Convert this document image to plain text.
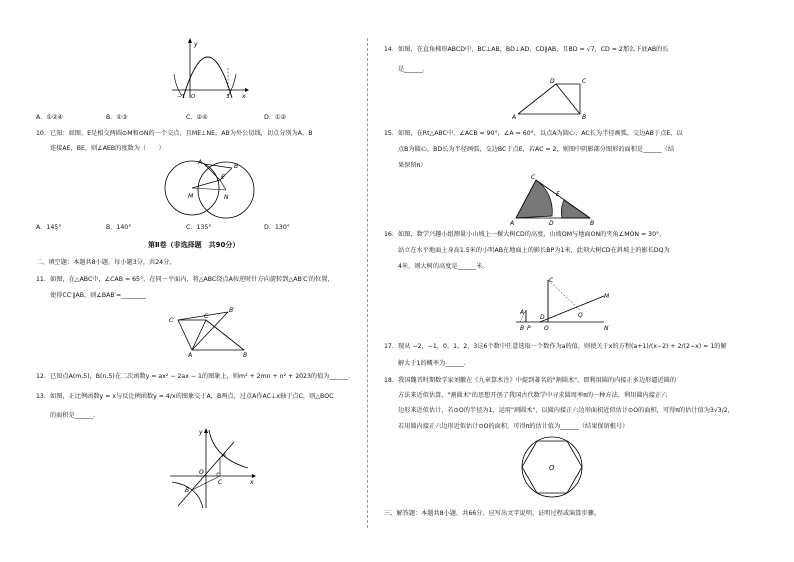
y
O
−1	3 x
A．①②④	B．①③	C．②④	D．①②
10．已知：如图，E是相交两圆⊙M和⊙N的一个交点，且ME⊥NE，AB为外公切线，切点分别为A，B
连接AE，BE，则∠AEB的度数为（　　）
A
B
E
M	N
A．145°	B．140°	C．135°	D．130°
第Ⅱ卷（非选择题　共90分）
二、填空题：本题共8小题，每小题3分，共24分。
11．如图，在△ABC中，∠CAB = 65°，在同一平面内，将△ABC绕点A按逆时针方向旋转到△AB′C′的位置，
使得CC′∥AB，则∠BAB′=________
C′
C
B′
A	B
12．已知点A(m,5)，B(n,5)在二次函数y = ax² − 2ax − 1的图象上，则m² + 2mn + n² + 2023的值为______.
13．如图，正比例函数y = x与反比例函数y = 4/x的图象交于A，B两点，过点A作AC⊥x轴于点C，则△BOC
的面积是______.
y
A
O
B
C	x
14．如图，在直角梯形ABCD中，BC⊥AB，BD⊥AD，CD∥AB，且BD = √7，CD = 2那么下底AB的长
是______.
A	B
C
D
15．如图，在Rt△ABC中，∠ACB = 90°，∠A = 60°，以点A为圆心，AC长为半径画弧，交边AB于点E，以
点B为圆心，BD长为半径画弧，交边BC于点E，若AC = 2，则图中阴影部分图形的面积是______（结
果保留π）
C
E
A	D	B
16．如图，数学兴趣小组测量小山坡上一棵大树CD的高度，山坡OM与地面ON的夹角∠MON = 30°，
站立在水平地面上身高1.5米的小明AB在地面上的影长BP为1米，此刻大树CD在斜坡上的影长DQ为
4米，则大树的高度是______米。
C
M
Q
A
B P
D
O	N
17．现从 −2，−1，0，1，2，3这6个数中任意选取一个数作为a的值，则使关于x的方程(a+1)/(x−2) + 2/(2−x) = 1的解
解大于1的概率为______.
18．我国魏晋时期数学家刘徽在《九章算术注》中提到著名的"割圆术"，即利用圆的内接正多边形逼近圆的
方法来近似估算，"割圆术"的思想开创了我国古代数学中寻求圆周率π的一种方法，利用圆内接正六
边形来近似估计，若⊙O的半径为1，运用"割圆术"，以圆内接正六边形面积近似估计⊙O的面积，可得π的估计值为3√3/2，
若用圆内接正六边形近似估计⊙O的面积，可得π的估计值为______（结果保留根号）
O
三、解答题：本题共8小题，共66分。应写出文字说明、证明过程或演算步骤。
